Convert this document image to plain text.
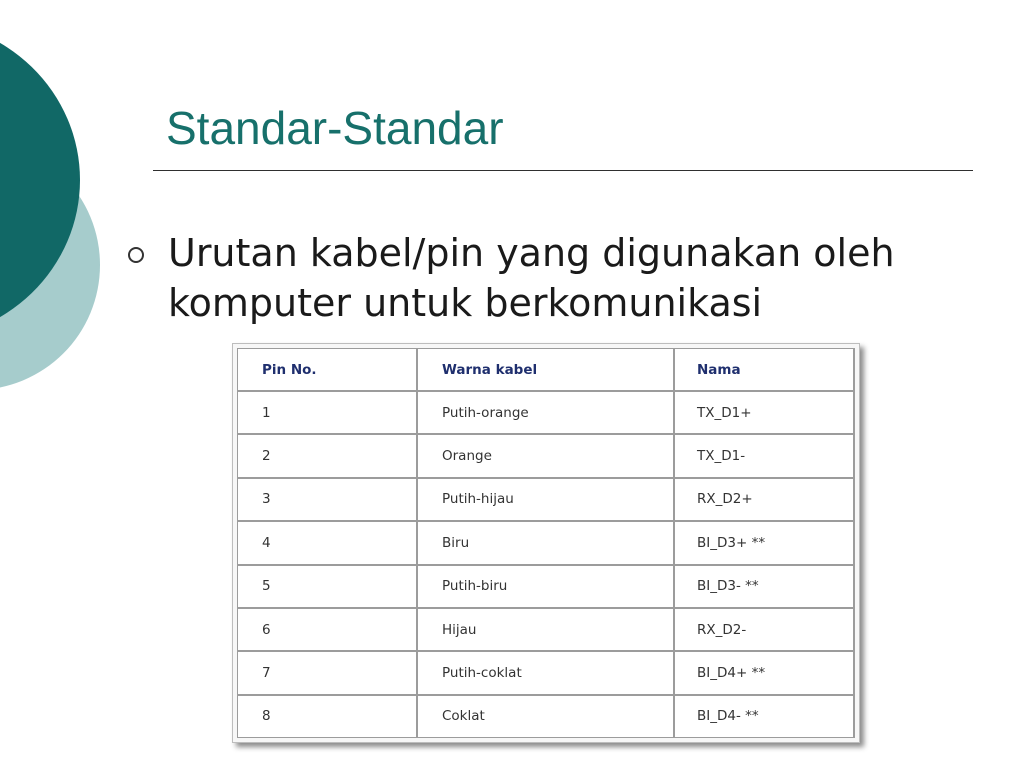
Standar-Standar

Urutan kabel/pin yang digunakan oleh komputer untuk berkomunikasi

Pin No.	Warna kabel	Nama
1	Putih-orange	TX_D1+
2	Orange	TX_D1-
3	Putih-hijau	RX_D2+
4	Biru	BI_D3+ **
5	Putih-biru	BI_D3- **
6	Hijau	RX_D2-
7	Putih-coklat	BI_D4+ **
8	Coklat	BI_D4- **
